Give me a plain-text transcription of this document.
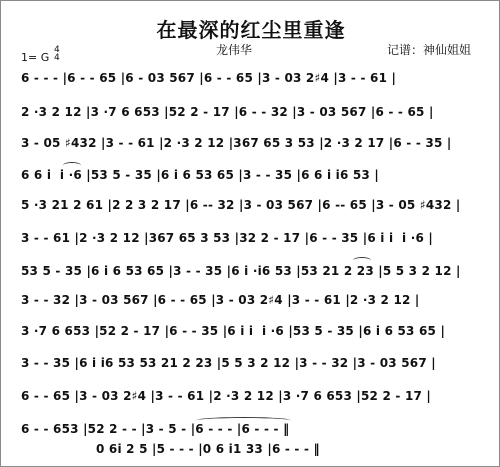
在最深的红尘里重逢
龙伟华	记谱：神仙姐姐
1= G
4
4
6 - - - |6 - - 65 |6 - 03 567 |6 - - 65 |3 - 03 2♯4 |3 - - 61 |
2 ·3 2 12 |3 ·7 6 653 |52 2 - 17 |6 - - 32 |3 - 03 567 |6 - - 65 |
3 - 05 ♯432 |3 - - 61 |2 ·3 2 12 |367 65 3 53 |2 ·3 2 17 |6 - - 35 |
6 6 i  i ·6 |53 5 - 35 |6 i 6 53 65 |3 - - 35 |6 6 i i6 53 |
5 ·3 21 2 61 |2 2 3 2 17 |6 -- 32 |3 - 03 567 |6 -- 65 |3 - 05 ♯432 |
3 - - 61 |2 ·3 2 12 |367 65 3 53 |32 2 - 17 |6 - - 35 |6 i i  i ·6 |
53 5 - 35 |6 i 6 53 65 |3 - - 35 |6 i ·i6 53 |53 21 2 23 |5 5 3 2 12 |
3 - - 32 |3 - 03 567 |6 - - 65 |3 - 03 2♯4 |3 - - 61 |2 ·3 2 12 |
3 ·7 6 653 |52 2 - 17 |6 - - 35 |6 i i  i ·6 |53 5 - 35 |6 i 6 53 65 |
3 - - 35 |6 i i6 53 53 21 2 23 |5 5 3 2 12 |3 - - 32 |3 - 03 567 |
6 - - 65 |3 - 03 2♯4 |3 - - 61 |2 ·3 2 12 |3 ·7 6 653 |52 2 - 17 |
6 - - 653 |52 2 - - |3 - 5 - |6 - - - |6 - - - ‖
0 6i 2 5 |5 - - - |0 6 i1 33 |6 - - - ‖
